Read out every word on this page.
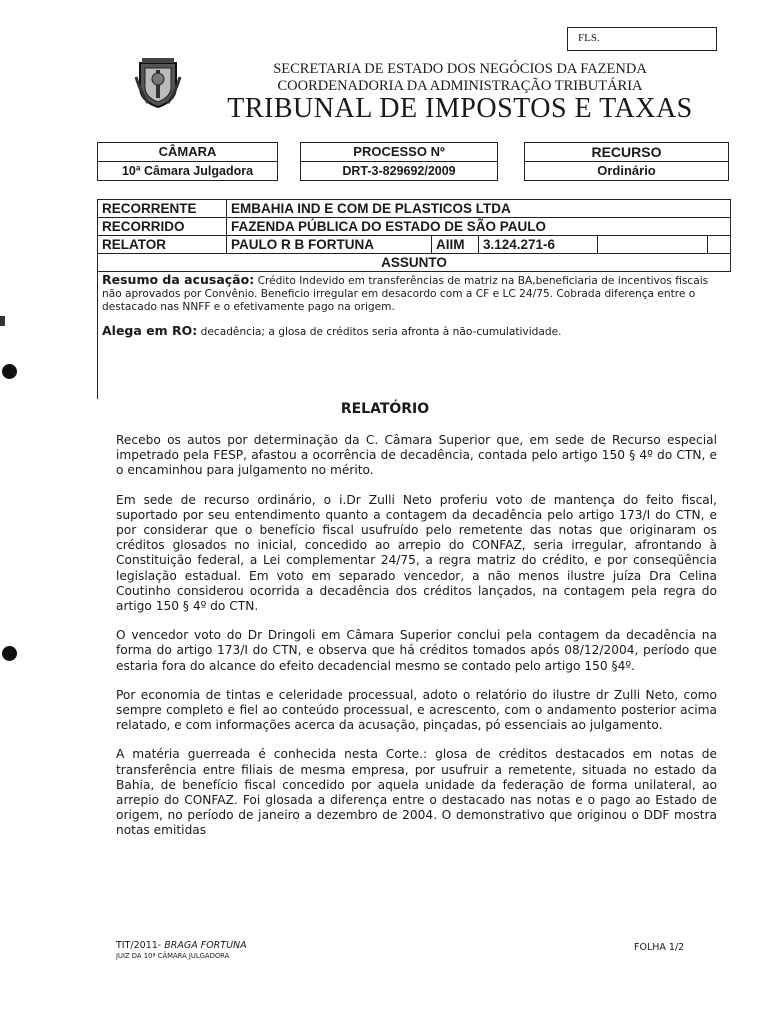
FLS.
SECRETARIA DE ESTADO DOS NEGÓCIOS DA FAZENDA
COORDENADORIA DA ADMINISTRAÇÃO TRIBUTÁRIA
TRIBUNAL DE IMPOSTOS E TAXAS
CÂMARA
10ª Câmara Julgadora
PROCESSO Nº
DRT-3-829692/2009
RECURSO
Ordinário
RECORRENTE	EMBAHIA IND E COM DE PLASTICOS LTDA				
RECORRIDO	FAZENDA PÚBLICA DO ESTADO DE SÃO PAULO				
RELATOR	PAULO R B FORTUNA	AIIM	3.124.271-6		
ASSUNTO					

Resumo da acusação: Crédito Indevido em transferências de matriz na BA,beneficiaria de incentivos fiscais não aprovados por Convênio. Beneficio irregular em desacordo com a CF e LC 24/75. Cobrada diferença entre o destacado nas NNFF e o efetivamente pago na origem.

Alega em RO: decadência; a glosa de créditos seria afronta à não-cumulatividade.

RELATÓRIO

Recebo os autos por determinação da C. Câmara Superior que, em sede de Recurso especial impetrado pela FESP, afastou a ocorrência de decadência, contada pelo artigo 150 § 4º do CTN, e o encaminhou para julgamento no mérito.

Em sede de recurso ordinário, o i.Dr Zulli Neto proferiu voto de mantença do feito fiscal, suportado por seu entendimento quanto a contagem da decadência pelo artigo 173/I do CTN, e por considerar que o benefício fiscal usufruído pelo remetente das notas que originaram os créditos glosados no inicial, concedido ao arrepio do CONFAZ, seria irregular, afrontando à Constituição federal, a Lei complementar 24/75, a regra matriz do crédito, e por conseqüência legislação estadual. Em voto em separado vencedor, a não menos ilustre juíza Dra Celina Coutinho considerou ocorrida a decadência dos créditos lançados, na contagem pela regra do artigo 150 § 4º do CTN.

O vencedor voto do Dr Dringoli em Câmara Superior conclui pela contagem da decadência na forma do artigo 173/I do CTN, e observa que há créditos tomados após 08/12/2004, período que estaria fora do alcance do efeito decadencial mesmo se contado pelo artigo 150 §4º.

Por economia de tintas e celeridade processual, adoto o relatório do ilustre dr Zulli Neto, como sempre completo e fiel ao conteúdo processual, e acrescento, com o andamento posterior acima relatado, e com informações acerca da acusação, pinçadas, pó essenciais ao julgamento.

A matéria guerreada é conhecida nesta Corte.: glosa de créditos destacados em notas de transferência entre filiais de mesma empresa, por usufruir a remetente, situada no estado da Bahia, de benefício fiscal concedido por aquela unidade da federação de forma unilateral, ao arrepio do CONFAZ. Foi glosada a diferença entre o destacado nas notas e o pago ao Estado de origem, no período de janeiro a dezembro de 2004. O demonstrativo que originou o DDF mostra notas emitidas

TIT/2011- BRAGA FORTUNA
JUIZ DA 10ª CÂMARA JULGADORA
FOLHA 1/2
